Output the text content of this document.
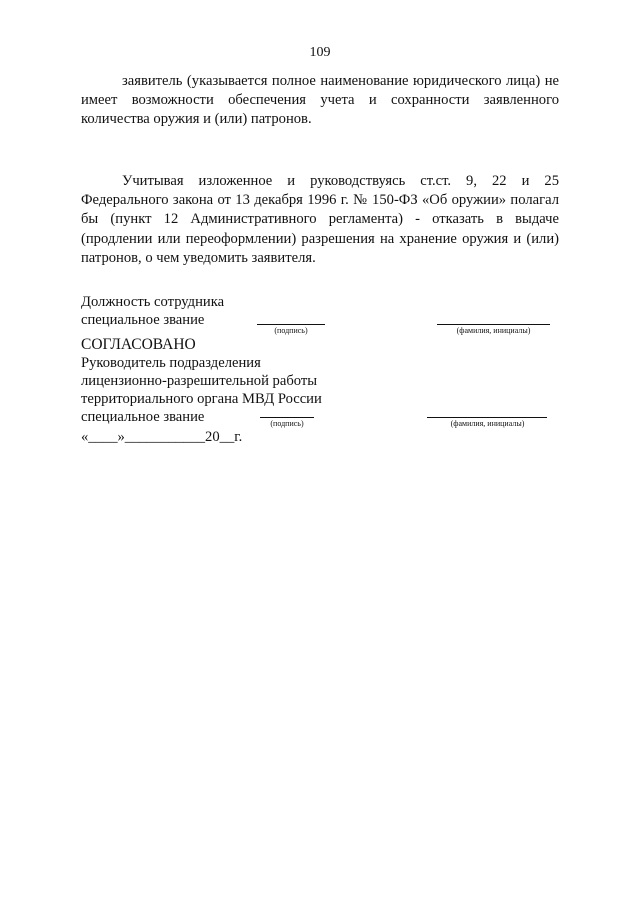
109

заявитель (указывается полное наименование юридического лица) не имеет возможности обеспечения учета и сохранности заявленного количества оружия и (или) патронов.

Учитывая изложенное и руководствуясь ст.ст. 9, 22 и 25 Федерального закона от 13 декабря 1996 г. № 150-ФЗ «Об оружии» полагал бы (пункт 12 Административного регламента) - отказать в выдаче (продлении или переоформлении) разрешения на хранение оружия и (или) патронов, о чем уведомить заявителя.

Должность сотрудника
специальное звание
(подпись)	(фамилия, инициалы)
СОГЛАСОВАНО
Руководитель подразделения
лицензионно-разрешительной работы
территориального органа МВД России
специальное звание	(подпись)	(фамилия, инициалы)
«____»___________20__г.
